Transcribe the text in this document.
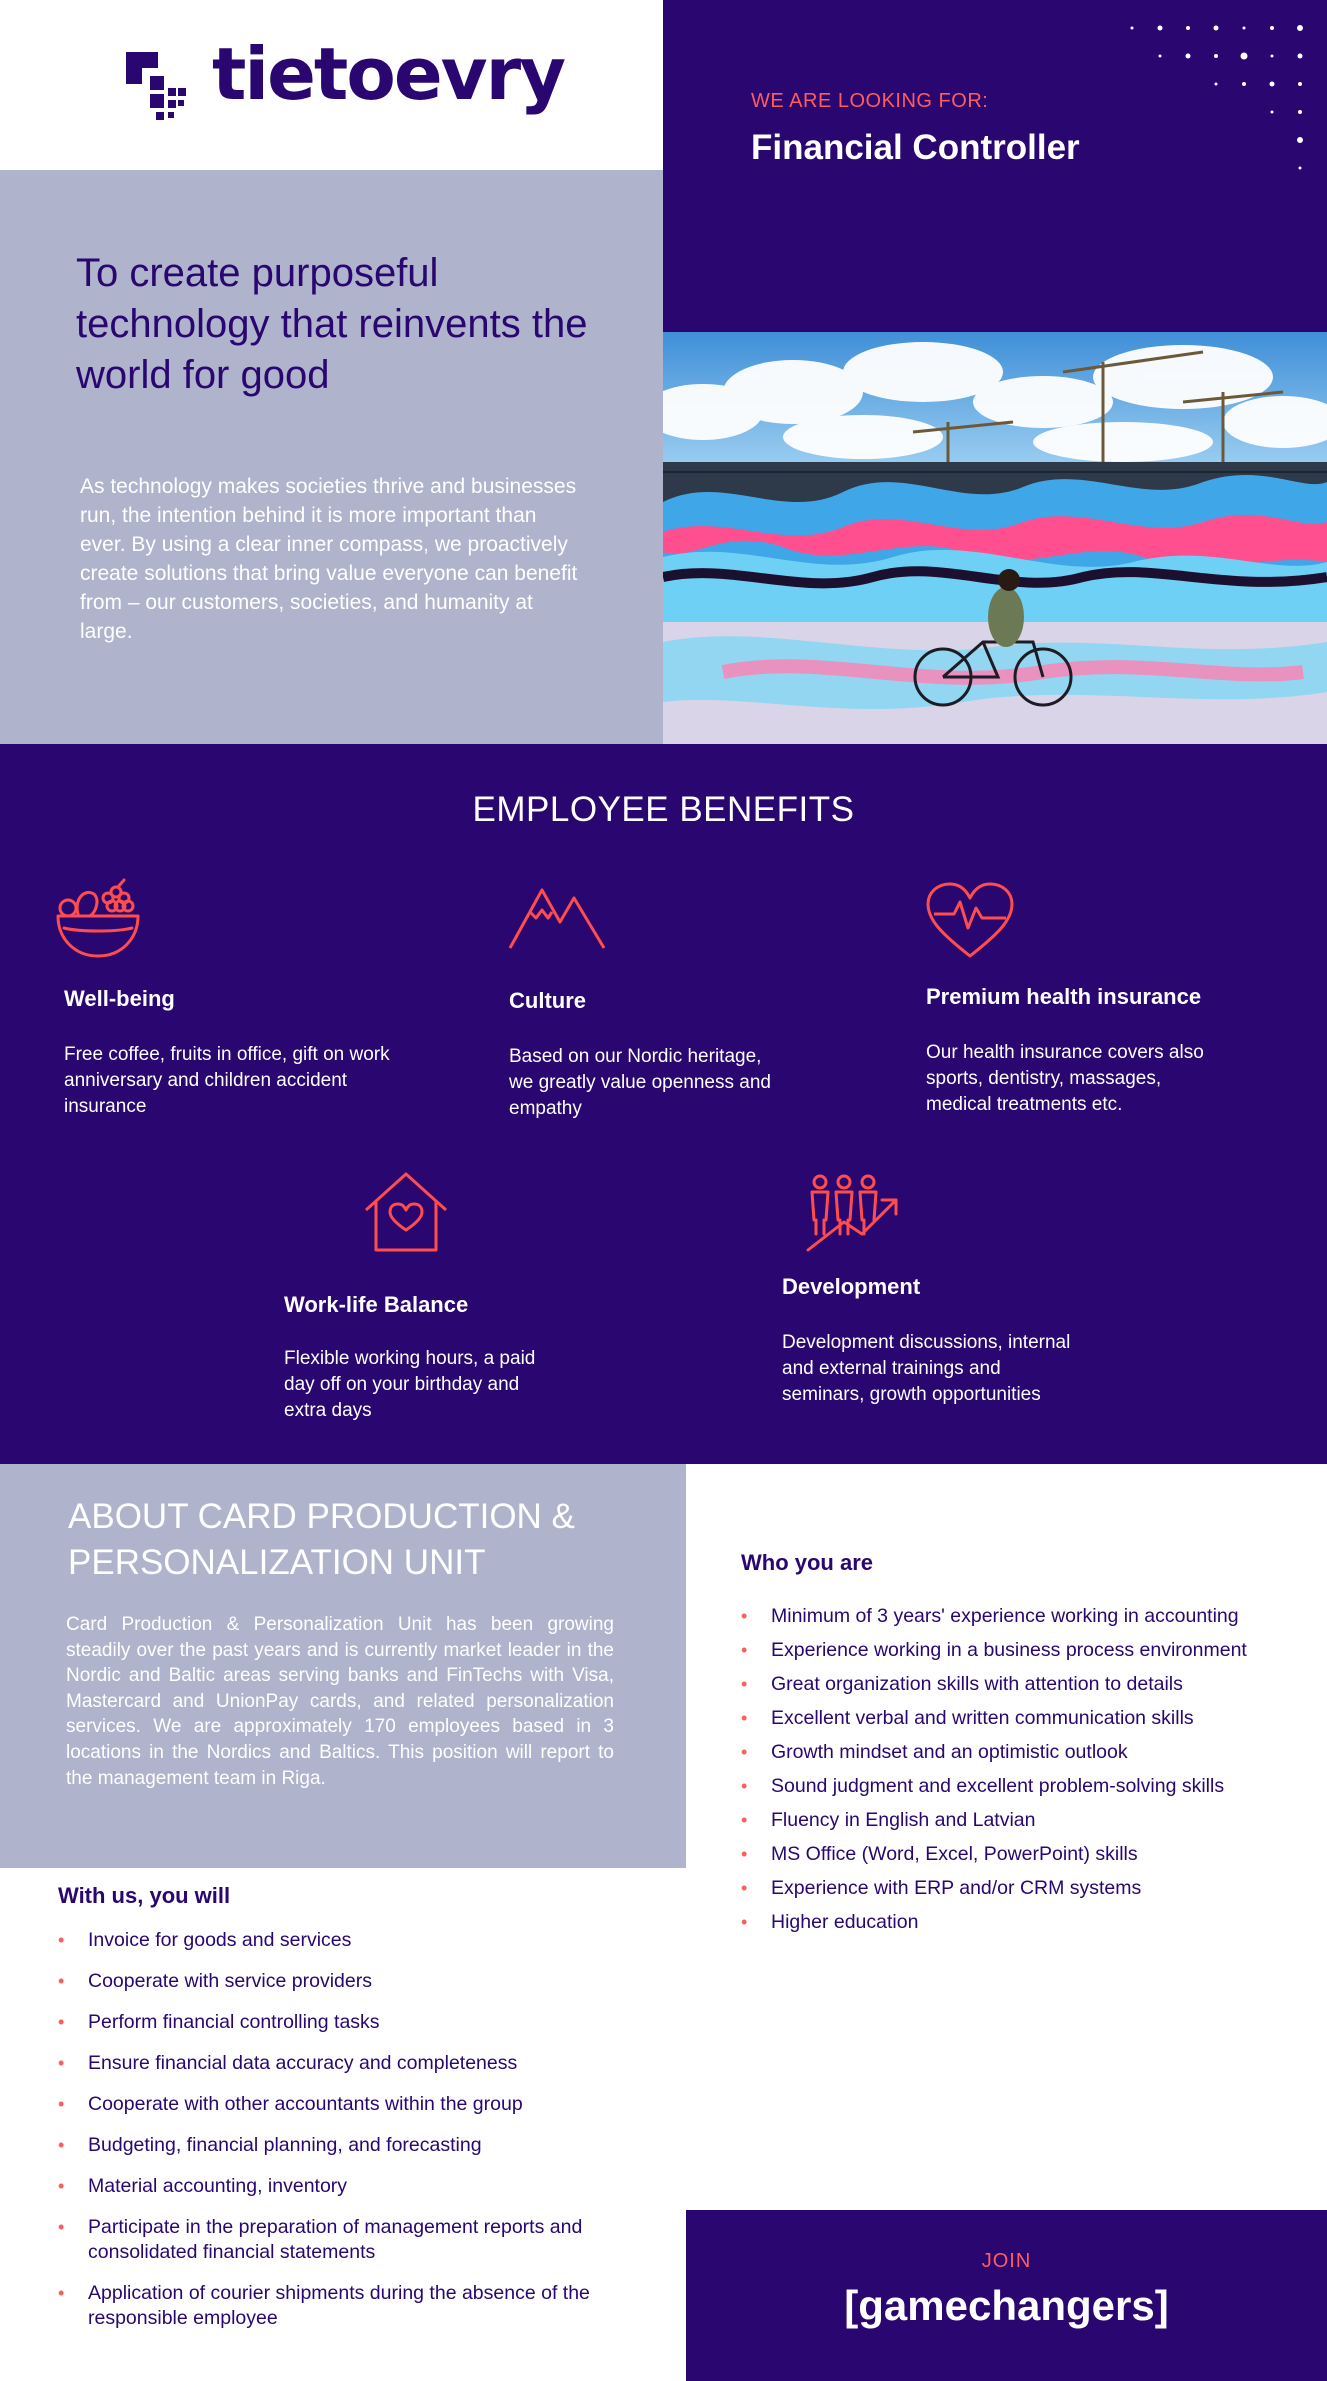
tietoevry	WE ARE LOOKING FOR:
Financial Controller
To create purposeful technology that reinvents the world for good
As technology makes societies thrive and businesses run, the intention behind it is more important than ever. By using a clear inner compass, we proactively create solutions that bring value everyone can benefit from – our customers, societies, and humanity at large.
EMPLOYEE BENEFITS
Well-being
Free coffee, fruits in office, gift on work anniversary and children accident insurance
Culture
Based on our Nordic heritage, we greatly value openness and empathy
Premium health insurance
Our health insurance covers also sports, dentistry, massages, medical treatments etc.
Work-life Balance
Flexible working hours, a paid day off on your birthday and extra days
Development
Development discussions, internal and external trainings and seminars, growth opportunities
ABOUT CARD PRODUCTION & PERSONALIZATION UNIT
Card Production & Personalization Unit has been growing steadily over the past years and is currently market leader in the Nordic and Baltic areas serving banks and FinTechs with Visa, Mastercard and UnionPay cards, and related personalization services. We are approximately 170 employees based in 3 locations in the Nordics and Baltics. This position will report to the management team in Riga.
With us, you will
• Invoice for goods and services
• Cooperate with service providers
• Perform financial controlling tasks
• Ensure financial data accuracy and completeness
• Cooperate with other accountants within the group
• Budgeting, financial planning, and forecasting
• Material accounting, inventory
• Participate in the preparation of management reports and consolidated financial statements
• Application of courier shipments during the absence of the responsible employee
Who you are
• Minimum of 3 years' experience working in accounting
• Experience working in a business process environment
• Great organization skills with attention to details
• Excellent verbal and written communication skills
• Growth mindset and an optimistic outlook
• Sound judgment and excellent problem-solving skills
• Fluency in English and Latvian
• MS Office (Word, Excel, PowerPoint) skills
• Experience with ERP and/or CRM systems
• Higher education
JOIN
[gamechangers]
